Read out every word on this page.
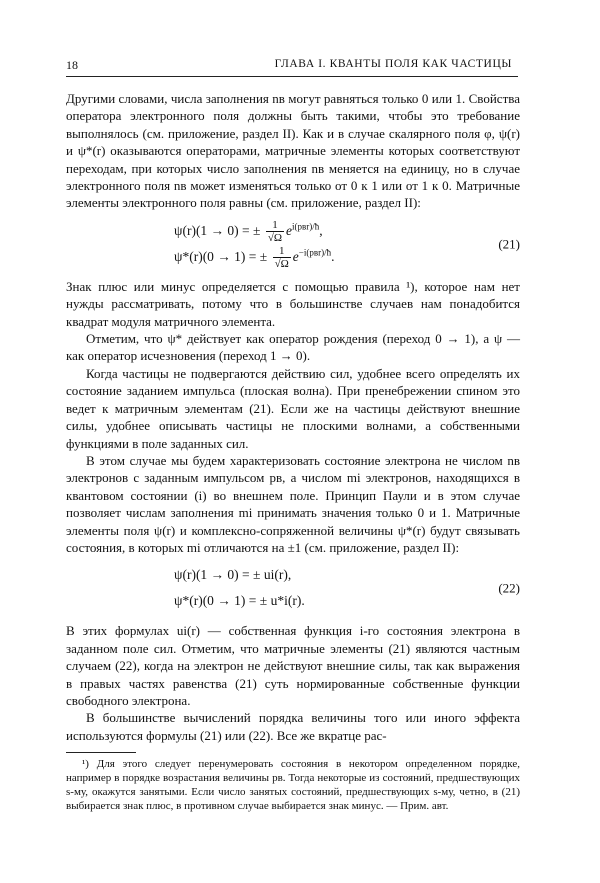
18	ГЛАВА I. КВАНТЫ ПОЛЯ КАК ЧАСТИЦЫ

Другими словами, числа заполнения nв могут равняться только 0 или 1. Свойства оператора электронного поля должны быть такими, чтобы это требование выполнялось (см. приложение, раздел II). Как и в случае скалярного поля φ, ψ(r) и ψ*(r) оказываются операторами, матричные элементы которых соответствуют переходам, при которых число заполнения nв меняется на единицу, но в случае электронного поля nв может изменяться только от 0 к 1 или от 1 к 0. Матричные элементы электронного поля равны (см. приложение, раздел II):

ψ(r)(1 → 0) = ± $\frac{1}{√\Omega} e^{i(pвr)/ħ}$,
ψ*(r)(0 → 1) = ± $\frac{1}{√\Omega} e^{-i(pвr)/ħ}$.
(21)

Знак плюс или минус определяется с помощью правила ¹), которое нам нет нужды рассматривать, потому что в большинстве случаев нам понадобится квадрат модуля матричного элемента.

Отметим, что ψ* действует как оператор рождения (переход 0 → 1), а ψ — как оператор исчезновения (переход 1 → 0).

Когда частицы не подвергаются действию сил, удобнее всего определять их состояние заданием импульса (плоская волна). При пренебрежении спином это ведет к матричным элементам (21). Если же на частицы действуют внешние силы, удобнее описывать частицы не плоскими волнами, а собственными функциями в поле заданных сил.

В этом случае мы будем характеризовать состояние электрона не числом nв электронов с заданным импульсом pв, а числом mi электронов, находящихся в квантовом состоянии (i) во внешнем поле. Принцип Паули и в этом случае позволяет числам заполнения mi принимать значения только 0 и 1. Матричные элементы поля ψ(r) и комплексно-сопряженной величины ψ*(r) будут связывать состояния, в которых mi отличаются на ±1 (см. приложение, раздел II):

ψ(r)(1 → 0) = ± ui(r),
ψ*(r)(0 → 1) = ± u*i(r).
(22)

В этих формулах ui(r) — собственная функция i-го состояния электрона в заданном поле сил. Отметим, что матричные элементы (21) являются частным случаем (22), когда на электрон не действуют внешние силы, так как выражения в правых частях равенства (21) суть нормированные собственные функции свободного электрона.

В большинстве вычислений порядка величины того или иного эффекта используются формулы (21) или (22). Все же вкратце рас-

¹) Для этого следует перенумеровать состояния в некотором определенном порядке, например в порядке возрастания величины pв. Тогда некоторые из состояний, предшествующих s-му, окажутся занятыми. Если число занятых состояний, предшествующих s-му, четно, в (21) выбирается знак плюс, в противном случае выбирается знак минус. — Прим. авт.
